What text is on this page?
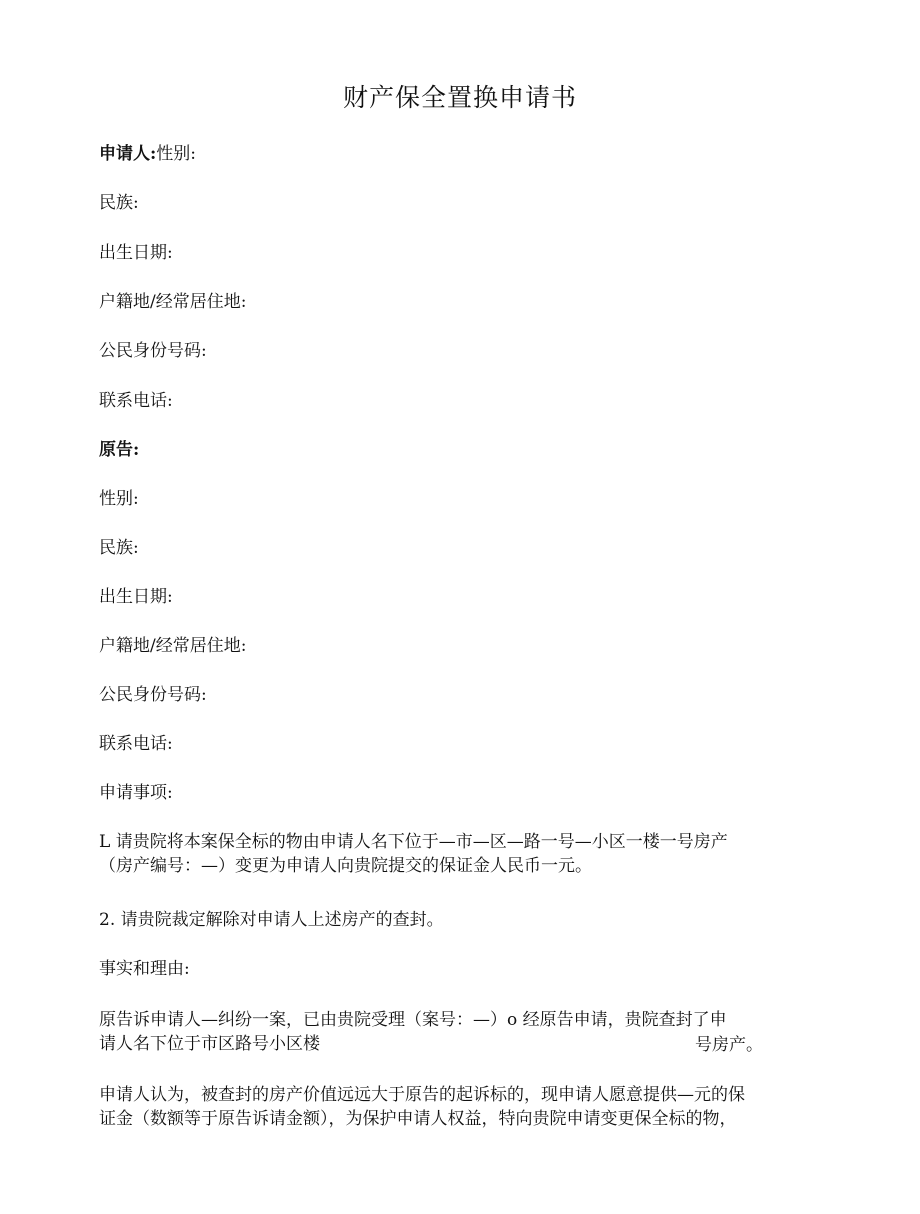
财产保全置换申请书
申请人:性别:
民族:
出生日期:
户籍地/经常居住地:
公民身份号码:
联系电话:
原告:
性别:
民族:
出生日期:
户籍地/经常居住地:
公民身份号码:
联系电话:
申请事项:
L 请贵院将本案保全标的物由申请人名下位于—市—区—路一号—小区一楼一号房产
（房产编号：—）变更为申请人向贵院提交的保证金人民币一元。
2. 请贵院裁定解除对申请人上述房产的查封。
事实和理由:
原告诉申请人—纠纷一案，已由贵院受理（案号：—）o 经原告申请，贵院查封了申
请人名下位于市区路号小区楼	号房产。
申请人认为，被查封的房产价值远远大于原告的起诉标的，现申请人愿意提供—元的保
证金（数额等于原告诉请金额），为保护申请人权益，特向贵院申请变更保全标的物，
